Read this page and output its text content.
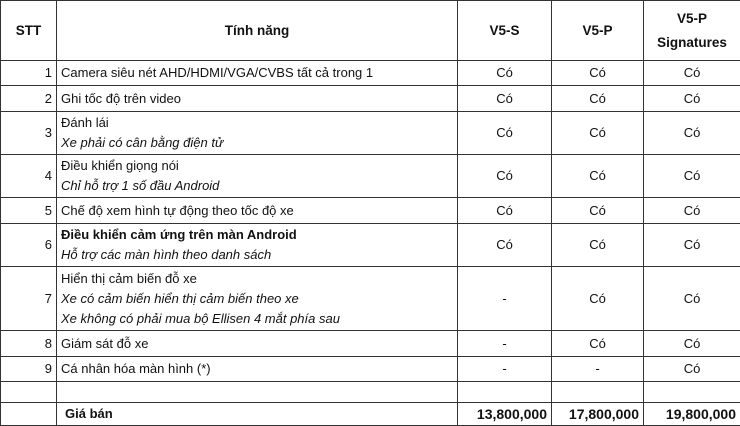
STT	Tính năng	V5-S	V5-P	V5-P
Signatures

1	Camera siêu nét AHD/HDMI/VGA/CVBS tất cả trong 1	Có	Có	Có
2	Ghi tốc độ trên video	Có	Có	Có
3	Đánh lái
Xe phải có cân bằng điện tử	Có	Có	Có
4	Điều khiển giọng nói
Chỉ hỗ trợ 1 số đầu Android	Có	Có	Có
5	Chế độ xem hình tự động theo tốc độ xe	Có	Có	Có
6	Điều khiển cảm ứng trên màn Android
Hỗ trợ các màn hình theo danh sách	Có	Có	Có
7	Hiển thị cảm biến đỗ xe
Xe có cảm biến hiển thị cảm biến theo xe
Xe không có phải mua bộ Ellisen 4 mắt phía sau	-	Có	Có
8	Giám sát đỗ xe	-	Có	Có
9	Cá nhân hóa màn hình (*)	-	-	Có

	Giá bán	13,800,000	17,800,000	19,800,000
